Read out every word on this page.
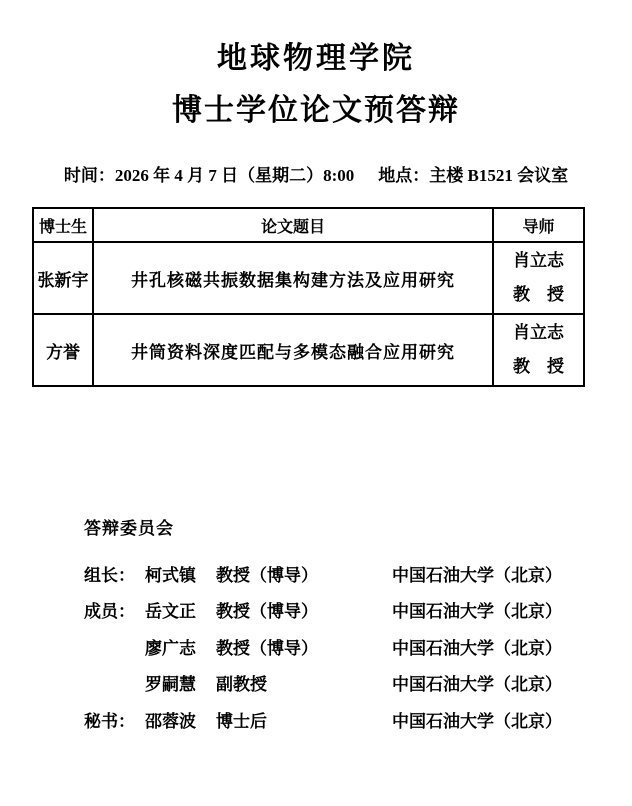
地球物理学院
博士学位论文预答辩
时间：2026 年 4 月 7 日（星期二）8:00 地点：主楼 B1521 会议室
博士生	论文题目	导师
张新宇	井孔核磁共振数据集构建方法及应用研究	肖立志
教　授

方誉	井筒资料深度匹配与多模态融合应用研究	肖立志
教　授
答辩委员会
组长： 柯式镇	教授（博导）	中国石油大学（北京）
成员： 岳文正	教授（博导）	中国石油大学（北京）
廖广志	教授（博导）	中国石油大学（北京）
罗嗣慧	副教授	中国石油大学（北京）
秘书： 邵蓉波	博士后	中国石油大学（北京）
